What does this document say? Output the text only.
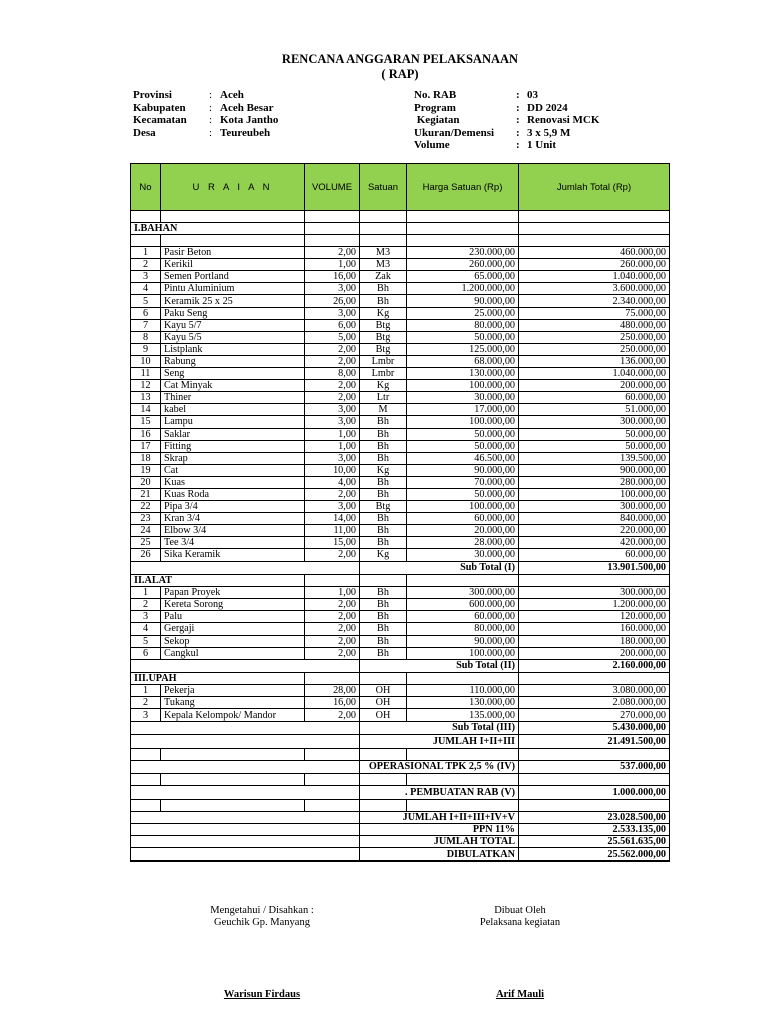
RENCANA ANGGARAN PELAKSANAAN
( RAP)
Provinsi	: Aceh
Kabupaten : Aceh Besar
Kecamatan : Kota Jantho
Desa	: Teureubeh
No. RAB	: 03
Program	: DD 2024
Kegiatan	: Renovasi MCK
Ukuran/Demensi : 3 x 5,9 M
Volume	: 1 Unit
No	U R A I A N	VOLUME	Satuan	Harga Satuan (Rp)	Jumlah Total (Rp)

I.BAHAN					

1	Pasir Beton	2,00	M3	230.000,00	460.000,00
2	Kerikil	1,00	M3	260.000,00	260.000,00
3	Semen Portland	16,00	Zak	65.000,00	1.040.000,00
4	Pintu Aluminium	3,00	Bh	1.200.000,00	3.600.000,00
5	Keramik 25 x 25	26,00	Bh	90.000,00	2.340.000,00
6	Paku Seng	3,00	Kg	25.000,00	75.000,00
7	Kayu 5/7	6,00	Btg	80.000,00	480.000,00
8	Kayu 5/5	5,00	Btg	50.000,00	250.000,00
9	Listplank	2,00	Btg	125.000,00	250.000,00
10	Rabung	2,00	Lmbr	68.000,00	136.000,00
11	Seng	8,00	Lmbr	130.000,00	1.040.000,00
12	Cat Minyak	2,00	Kg	100.000,00	200.000,00
13	Thiner	2,00	Ltr	30.000,00	60.000,00
14	kabel	3,00	M	17.000,00	51.000,00
15	Lampu	3,00	Bh	100.000,00	300.000,00
16	Saklar	1,00	Bh	50.000,00	50.000,00
17	Fitting	1,00	Bh	50.000,00	50.000,00
18	Skrap	3,00	Bh	46.500,00	139.500,00
19	Cat	10,00	Kg	90.000,00	900.000,00
20	Kuas	4,00	Bh	70.000,00	280.000,00
21	Kuas Roda	2,00	Bh	50.000,00	100.000,00
22	Pipa 3/4	3,00	Btg	100.000,00	300.000,00
23	Kran 3/4	14,00	Bh	60.000,00	840.000,00
24	Elbow 3/4	11,00	Bh	20.000,00	220.000,00
25	Tee 3/4	15,00	Bh	28.000,00	420.000,00
26	Sika Keramik	2,00	Kg	30.000,00	60.000,00
			Sub Total (I)		13.901.500,00
II.ALAT					
1	Papan Proyek	1,00	Bh	300.000,00	300.000,00
2	Kereta Sorong	2,00	Bh	600.000,00	1.200.000,00
3	Palu	2,00	Bh	60.000,00	120.000,00
4	Gergaji	2,00	Bh	80.000,00	160.000,00
5	Sekop	2,00	Bh	90.000,00	180.000,00
6	Cangkul	2,00	Bh	100.000,00	200.000,00
			Sub Total (II)		2.160.000,00
III.UPAH					
1	Pekerja	28,00	OH	110.000,00	3.080.000,00
2	Tukang	16,00	OH	130.000,00	2.080.000,00
3	Kepala Kelompok/ Mandor	2,00	OH	135.000,00	270.000,00
			Sub Total (III)		5.430.000,00
			JUMLAH I+II+III		21.491.500,00

			OPERASIONAL TPK 2,5 % (IV)		537.000,00

			. PEMBUATAN RAB (V)		1.000.000,00

			JUMLAH I+II+III+IV+V		23.028.500,00
			PPN 11%		2.533.135,00
			JUMLAH TOTAL		25.561.635,00
			DIBULATKAN		25.562.000,00
Mengetahui / Disahkan :
Geuchik Gp. Manyang
Warisun Firdaus
Dibuat Oleh
Pelaksana kegiatan
Arif Mauli
